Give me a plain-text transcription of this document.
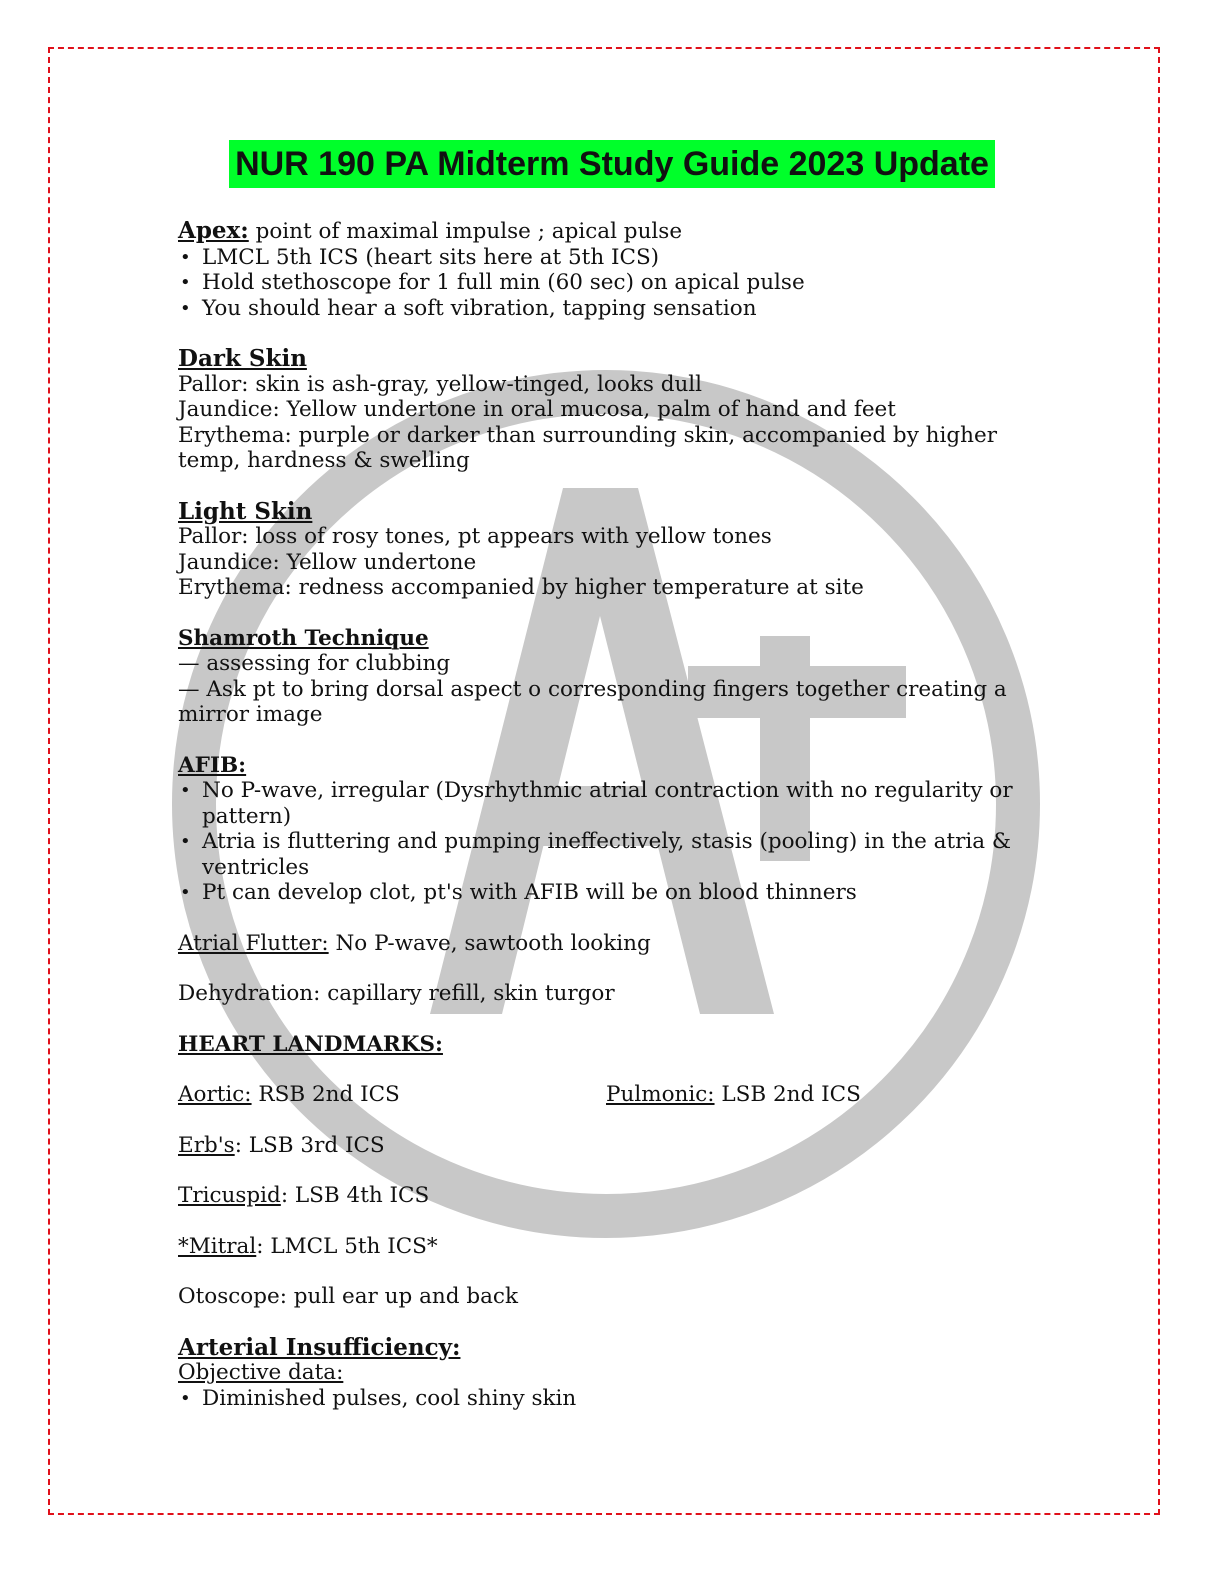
NUR 190 PA Midterm Study Guide 2023 Update
Apex: point of maximal impulse ; apical pulse
• LMCL 5th ICS (heart sits here at 5th ICS)
• Hold stethoscope for 1 full min (60 sec) on apical pulse
• You should hear a soft vibration, tapping sensation
Dark Skin
Pallor: skin is ash-gray, yellow-tinged, looks dull
Jaundice: Yellow undertone in oral mucosa, palm of hand and feet
Erythema: purple or darker than surrounding skin, accompanied by higher temp, hardness & swelling
Light Skin
Pallor: loss of rosy tones, pt appears with yellow tones
Jaundice: Yellow undertone
Erythema: redness accompanied by higher temperature at site
Shamroth Technique
— assessing for clubbing
— Ask pt to bring dorsal aspect o corresponding fingers together creating a mirror image
AFIB:
• No P-wave, irregular (Dysrhythmic atrial contraction with no regularity or pattern)
• Atria is fluttering and pumping ineffectively, stasis (pooling) in the atria & ventricles
• Pt can develop clot, pt's with AFIB will be on blood thinners
Atrial Flutter: No P-wave, sawtooth looking
Dehydration: capillary refill, skin turgor
HEART LANDMARKS:
Aortic: RSB 2nd ICS	Pulmonic: LSB 2nd ICS
Erb's: LSB 3rd ICS
Tricuspid: LSB 4th ICS
*Mitral: LMCL 5th ICS*
Otoscope: pull ear up and back
Arterial Insufficiency:
Objective data:
• Diminished pulses, cool shiny skin
